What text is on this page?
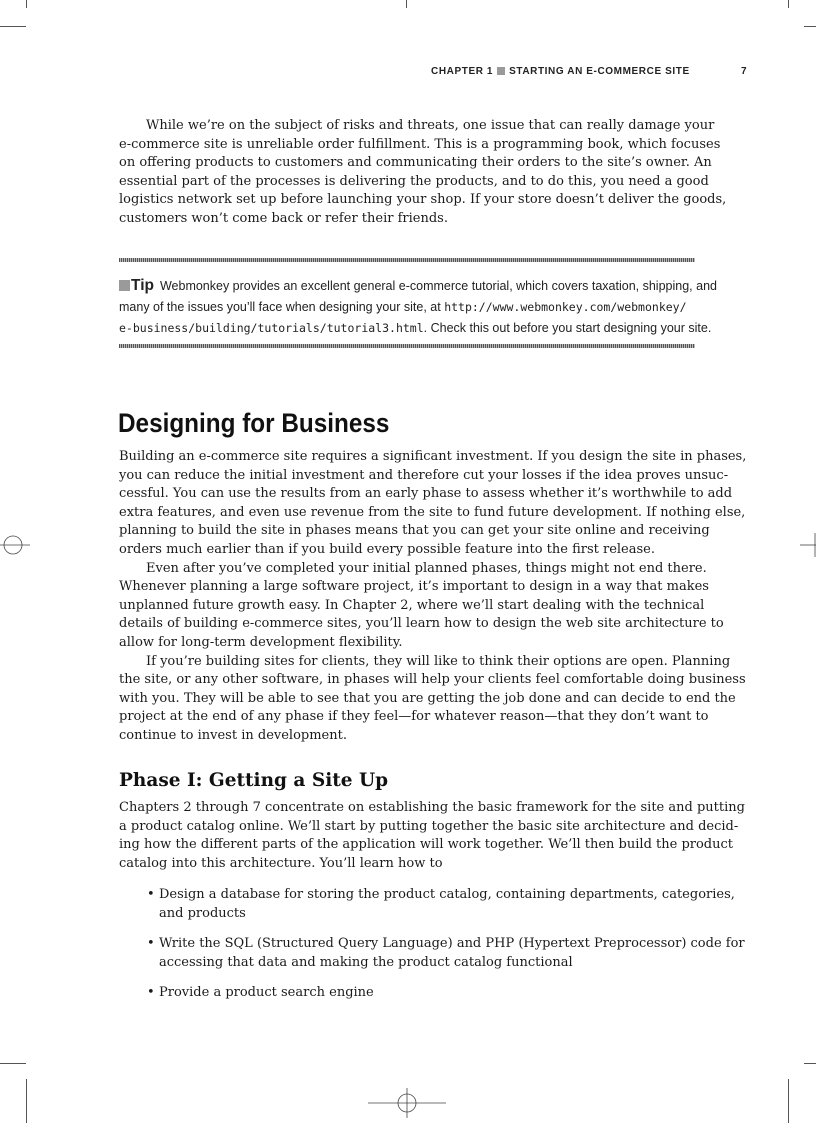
CHAPTER 1 STARTING AN E-COMMERCE SITE	7
While we’re on the subject of risks and threats, one issue that can really damage your
e-commerce site is unreliable order fulfillment. This is a programming book, which focuses
on offering products to customers and communicating their orders to the site’s owner. An
essential part of the processes is delivering the products, and to do this, you need a good
logistics network set up before launching your shop. If your store doesn’t deliver the goods,
customers won’t come back or refer their friends.
Tip Webmonkey provides an excellent general e-commerce tutorial, which covers taxation, shipping, and
many of the issues you’ll face when designing your site, at http://www.webmonkey.com/webmonkey/
e-business/building/tutorials/tutorial3.html. Check this out before you start designing your site.
Designing for Business
Building an e-commerce site requires a significant investment. If you design the site in phases,
you can reduce the initial investment and therefore cut your losses if the idea proves unsuc-
cessful. You can use the results from an early phase to assess whether it’s worthwhile to add
extra features, and even use revenue from the site to fund future development. If nothing else,
planning to build the site in phases means that you can get your site online and receiving
orders much earlier than if you build every possible feature into the first release.
Even after you’ve completed your initial planned phases, things might not end there.
Whenever planning a large software project, it’s important to design in a way that makes
unplanned future growth easy. In Chapter 2, where we’ll start dealing with the technical
details of building e-commerce sites, you’ll learn how to design the web site architecture to
allow for long-term development flexibility.
If you’re building sites for clients, they will like to think their options are open. Planning
the site, or any other software, in phases will help your clients feel comfortable doing business
with you. They will be able to see that you are getting the job done and can decide to end the
project at the end of any phase if they feel—for whatever reason—that they don’t want to
continue to invest in development.
Phase I: Getting a Site Up
Chapters 2 through 7 concentrate on establishing the basic framework for the site and putting
a product catalog online. We’ll start by putting together the basic site architecture and decid-
ing how the different parts of the application will work together. We’ll then build the product
catalog into this architecture. You’ll learn how to
• Design a database for storing the product catalog, containing departments, categories,
and products
• Write the SQL (Structured Query Language) and PHP (Hypertext Preprocessor) code for
accessing that data and making the product catalog functional
• Provide a product search engine
